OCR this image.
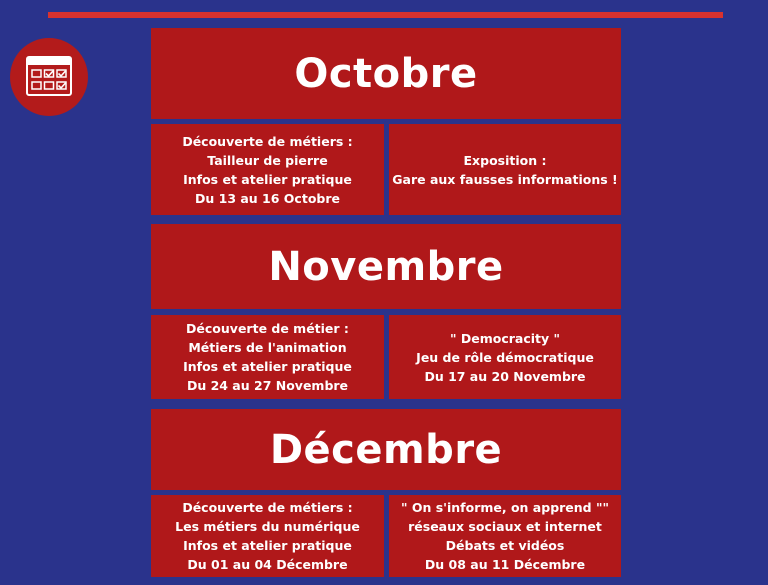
Octobre
Découverte de métiers :
Tailleur de pierre
Infos et atelier pratique
Du 13 au 16 Octobre
Exposition :
Gare aux fausses informations !
Novembre
Découverte de métier :
Métiers de l'animation
Infos et atelier pratique
Du 24 au 27 Novembre
" Democracity "
Jeu de rôle démocratique
Du 17 au 20 Novembre
Décembre
Découverte de métiers :
Les métiers du numérique
Infos et atelier pratique
Du 01 au 04 Décembre
" On s'informe, on apprend ""
réseaux sociaux et internet
Débats et vidéos
Du 08 au 11 Décembre
